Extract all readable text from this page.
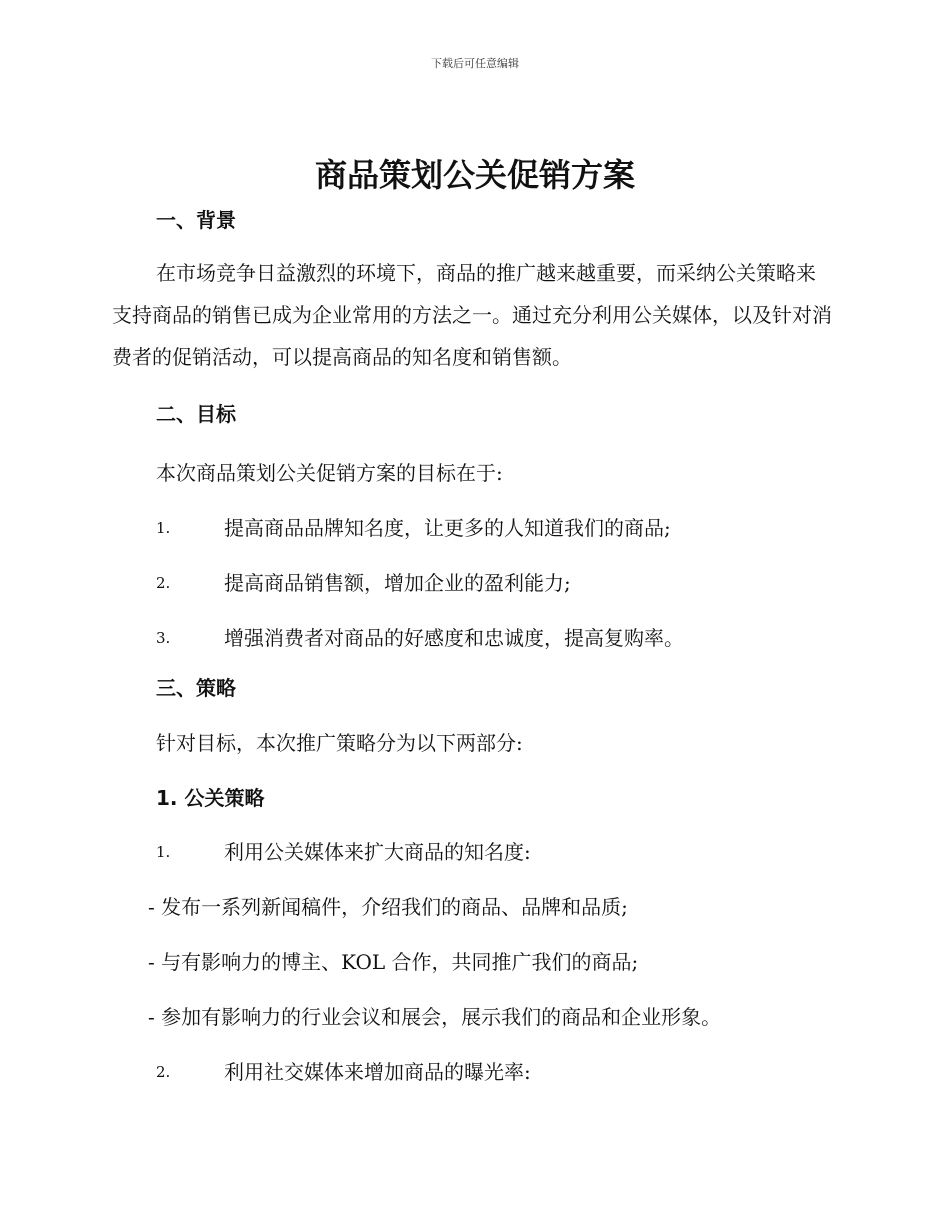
下载后可任意编辑
商品策划公关促销方案
一、背景

在市场竞争日益激烈的环境下，商品的推广越来越重要，而采纳公关策略来支持商品的销售已成为企业常用的方法之一。通过充分利用公关媒体，以及针对消费者的促销活动，可以提高商品的知名度和销售额。

二、目标

本次商品策划公关促销方案的目标在于:

1.	提高商品品牌知名度，让更多的人知道我们的商品;
2.	提高商品销售额，增加企业的盈利能力;
3.	增强消费者对商品的好感度和忠诚度，提高复购率。
三、策略

针对目标，本次推广策略分为以下两部分:

1. 公关策略
1.	利用公关媒体来扩大商品的知名度:

- 发布一系列新闻稿件，介绍我们的商品、品牌和品质;

- 与有影响力的博主、KOL 合作，共同推广我们的商品;

- 参加有影响力的行业会议和展会，展示我们的商品和企业形象。

2.	利用社交媒体来增加商品的曝光率:
